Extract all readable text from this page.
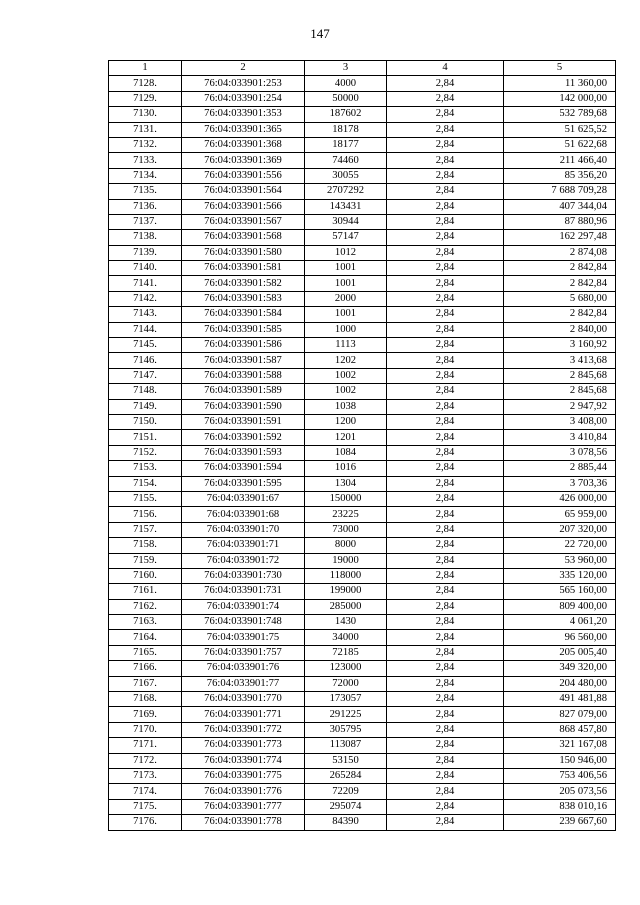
147
1	2	3	4	5
7128.	76:04:033901:253	4000	2,84	11 360,00
7129.	76:04:033901:254	50000	2,84	142 000,00
7130.	76:04:033901:353	187602	2,84	532 789,68
7131.	76:04:033901:365	18178	2,84	51 625,52
7132.	76:04:033901:368	18177	2,84	51 622,68
7133.	76:04:033901:369	74460	2,84	211 466,40
7134.	76:04:033901:556	30055	2,84	85 356,20
7135.	76:04:033901:564	2707292	2,84	7 688 709,28
7136.	76:04:033901:566	143431	2,84	407 344,04
7137.	76:04:033901:567	30944	2,84	87 880,96
7138.	76:04:033901:568	57147	2,84	162 297,48
7139.	76:04:033901:580	1012	2,84	2 874,08
7140.	76:04:033901:581	1001	2,84	2 842,84
7141.	76:04:033901:582	1001	2,84	2 842,84
7142.	76:04:033901:583	2000	2,84	5 680,00
7143.	76:04:033901:584	1001	2,84	2 842,84
7144.	76:04:033901:585	1000	2,84	2 840,00
7145.	76:04:033901:586	1113	2,84	3 160,92
7146.	76:04:033901:587	1202	2,84	3 413,68
7147.	76:04:033901:588	1002	2,84	2 845,68
7148.	76:04:033901:589	1002	2,84	2 845,68
7149.	76:04:033901:590	1038	2,84	2 947,92
7150.	76:04:033901:591	1200	2,84	3 408,00
7151.	76:04:033901:592	1201	2,84	3 410,84
7152.	76:04:033901:593	1084	2,84	3 078,56
7153.	76:04:033901:594	1016	2,84	2 885,44
7154.	76:04:033901:595	1304	2,84	3 703,36
7155.	76:04:033901:67	150000	2,84	426 000,00
7156.	76:04:033901:68	23225	2,84	65 959,00
7157.	76:04:033901:70	73000	2,84	207 320,00
7158.	76:04:033901:71	8000	2,84	22 720,00
7159.	76:04:033901:72	19000	2,84	53 960,00
7160.	76:04:033901:730	118000	2,84	335 120,00
7161.	76:04:033901:731	199000	2,84	565 160,00
7162.	76:04:033901:74	285000	2,84	809 400,00
7163.	76:04:033901:748	1430	2,84	4 061,20
7164.	76:04:033901:75	34000	2,84	96 560,00
7165.	76:04:033901:757	72185	2,84	205 005,40
7166.	76:04:033901:76	123000	2,84	349 320,00
7167.	76:04:033901:77	72000	2,84	204 480,00
7168.	76:04:033901:770	173057	2,84	491 481,88
7169.	76:04:033901:771	291225	2,84	827 079,00
7170.	76:04:033901:772	305795	2,84	868 457,80
7171.	76:04:033901:773	113087	2,84	321 167,08
7172.	76:04:033901:774	53150	2,84	150 946,00
7173.	76:04:033901:775	265284	2,84	753 406,56
7174.	76:04:033901:776	72209	2,84	205 073,56
7175.	76:04:033901:777	295074	2,84	838 010,16
7176.	76:04:033901:778	84390	2,84	239 667,60
